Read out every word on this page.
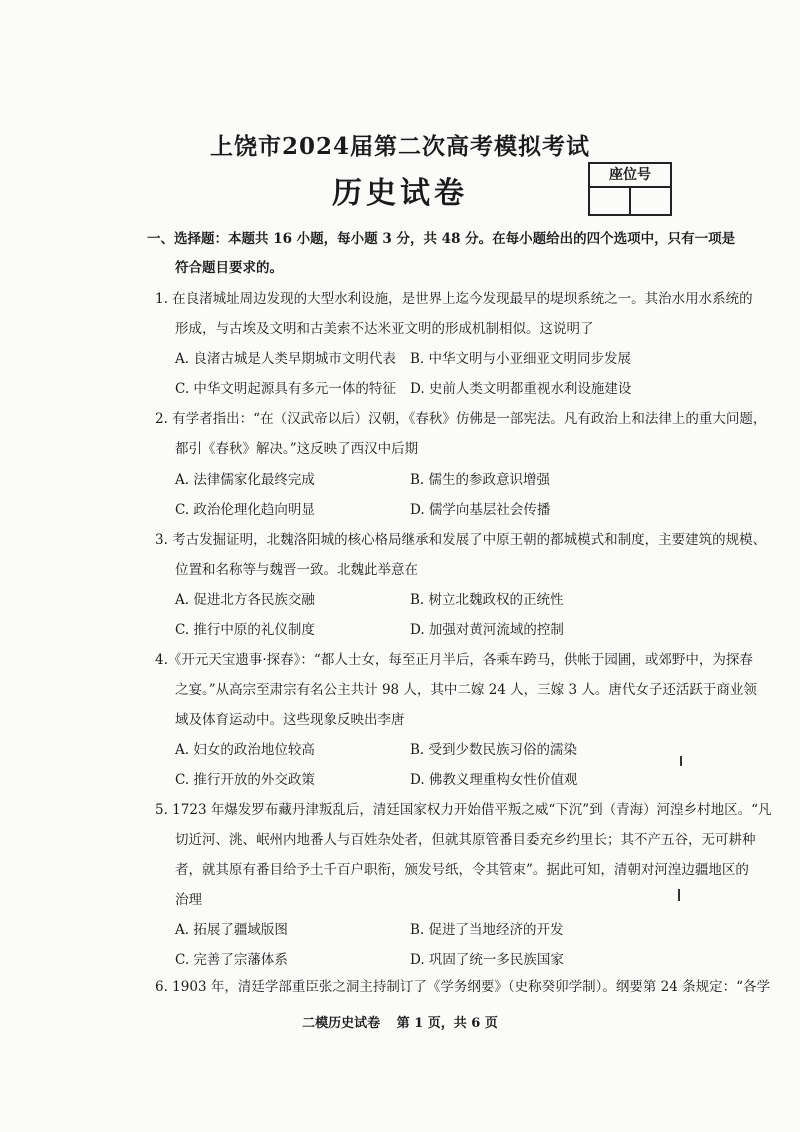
上饶市2024届第二次高考模拟考试
历史试卷
座位号
一、选择题：本题共 16 小题，每小题 3 分，共 48 分。在每小题给出的四个选项中，只有一项是
符合题目要求的。
1. 在良渚城址周边发现的大型水利设施，是世界上迄今发现最早的堤坝系统之一。其治水用水系统的
形成，与古埃及文明和古美索不达米亚文明的形成机制相似。这说明了
A. 良渚古城是人类早期城市文明代表 B. 中华文明与小亚细亚文明同步发展
C. 中华文明起源具有多元一体的特征 D. 史前人类文明都重视水利设施建设
2. 有学者指出：“在（汉武帝以后）汉朝，《春秋》仿佛是一部宪法。凡有政治上和法律上的重大问题，
都引《春秋》解决。”这反映了西汉中后期
A. 法律儒家化最终完成	B. 儒生的参政意识增强
C. 政治伦理化趋向明显	D. 儒学向基层社会传播
3. 考古发掘证明，北魏洛阳城的核心格局继承和发展了中原王朝的都城模式和制度，主要建筑的规模、
位置和名称等与魏晋一致。北魏此举意在
A. 促进北方各民族交融	B. 树立北魏政权的正统性
C. 推行中原的礼仪制度	D. 加强对黄河流域的控制
4.《开元天宝遗事·探春》：“都人士女，每至正月半后，各乘车跨马，供帐于园圃，或郊野中，为探春
之宴。”从高宗至肃宗有名公主共计 98 人，其中二嫁 24 人，三嫁 3 人。唐代女子还活跃于商业领
域及体育运动中。这些现象反映出李唐
A. 妇女的政治地位较高	B. 受到少数民族习俗的濡染
C. 推行开放的外交政策	D. 佛教义理重构女性价值观
5. 1723 年爆发罗布藏丹津叛乱后，清廷国家权力开始借平叛之威“下沉”到（青海）河湟乡村地区。“凡
切近河、洮、岷州内地番人与百姓杂处者，但就其原管番目委充乡约里长；其不产五谷，无可耕种
者，就其原有番目给予土千百户职衔，颁发号纸，令其管束”。据此可知，清朝对河湟边疆地区的
治理
A. 拓展了疆域版图	B. 促进了当地经济的开发
C. 完善了宗藩体系	D. 巩固了统一多民族国家
6. 1903 年，清廷学部重臣张之洞主持制订了《学务纲要》（史称癸卯学制）。纲要第 24 条规定：“各学
二模历史试卷 第 1 页，共 6 页
